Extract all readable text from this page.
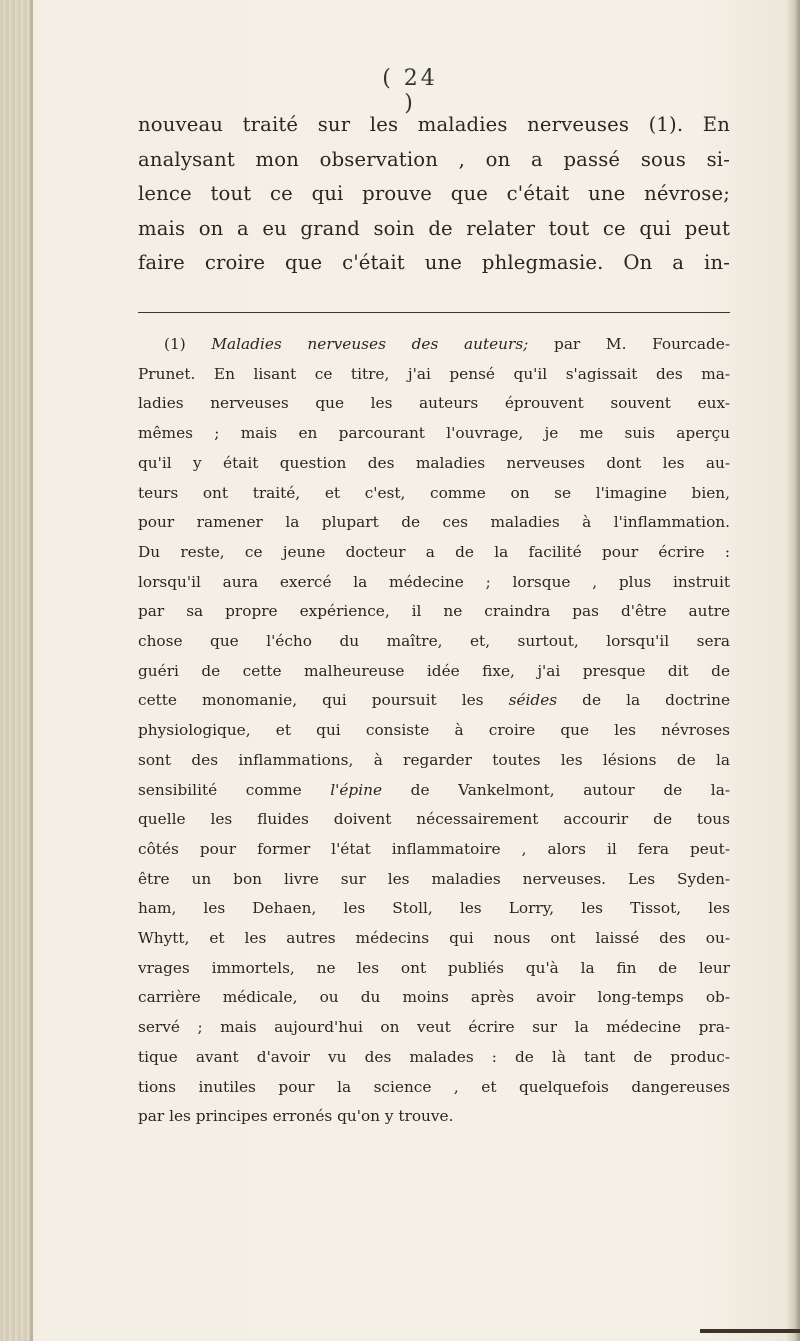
( 24 )

nouveau traité sur les maladies nerveuses (1). En
analysant mon observation , on a passé sous si-
lence tout ce qui prouve que c'était une névrose;
mais on a eu grand soin de relater tout ce qui peut
faire croire que c'était une phlegmasie. On a in-

(1) Maladies nerveuses des auteurs; par M. Fourcade-
Prunet. En lisant ce titre, j'ai pensé qu'il s'agissait des ma-
ladies nerveuses que les auteurs éprouvent souvent eux-
mêmes ; mais en parcourant l'ouvrage, je me suis aperçu
qu'il y était question des maladies nerveuses dont les au-
teurs ont traité, et c'est, comme on se l'imagine bien,
pour ramener la plupart de ces maladies à l'inflammation.
Du reste, ce jeune docteur a de la facilité pour écrire :
lorsqu'il aura exercé la médecine ; lorsque , plus instruit
par sa propre expérience, il ne craindra pas d'être autre
chose que l'écho du maître, et, surtout, lorsqu'il sera
guéri de cette malheureuse idée fixe, j'ai presque dit de
cette monomanie, qui poursuit les séides de la doctrine
physiologique, et qui consiste à croire que les névroses
sont des inflammations, à regarder toutes les lésions de la
sensibilité comme l'épine de Vankelmont, autour de la-
quelle les fluides doivent nécessairement accourir de tous
côtés pour former l'état inflammatoire , alors il fera peut-
être un bon livre sur les maladies nerveuses. Les Syden-
ham, les Dehaen, les Stoll, les Lorry, les Tissot, les
Whytt, et les autres médecins qui nous ont laissé des ou-
vrages immortels, ne les ont publiés qu'à la fin de leur
carrière médicale, ou du moins après avoir long-temps ob-
servé ; mais aujourd'hui on veut écrire sur la médecine pra-
tique avant d'avoir vu des malades : de là tant de produc-
tions inutiles pour la science , et quelquefois dangereuses
par les principes erronés qu'on y trouve.
